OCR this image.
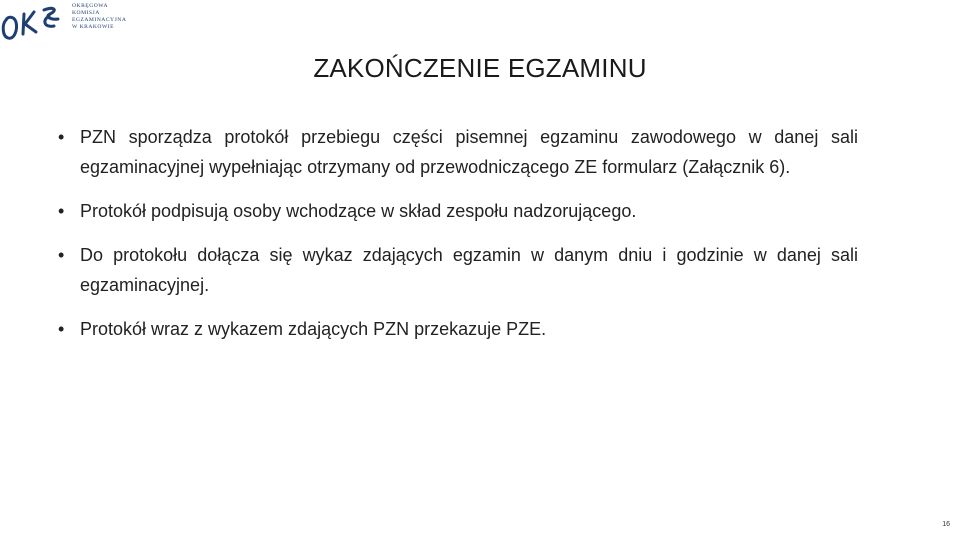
OKRĘGOWA
KOMISJA
EGZAMINACYJNA
W KRAKOWIE
ZAKOŃCZENIE EGZAMINU
• PZN sporządza protokół przebiegu części pisemnej egzaminu zawodowego w danej sali egzaminacyjnej wypełniając otrzymany od przewodniczącego ZE formularz (Załącznik 6).
• Protokół podpisują osoby wchodzące w skład zespołu nadzorującego.
• Do protokołu dołącza się wykaz zdających egzamin w danym dniu i godzinie w danej sali egzaminacyjnej.
• Protokół wraz z wykazem zdających PZN przekazuje PZE.
16
